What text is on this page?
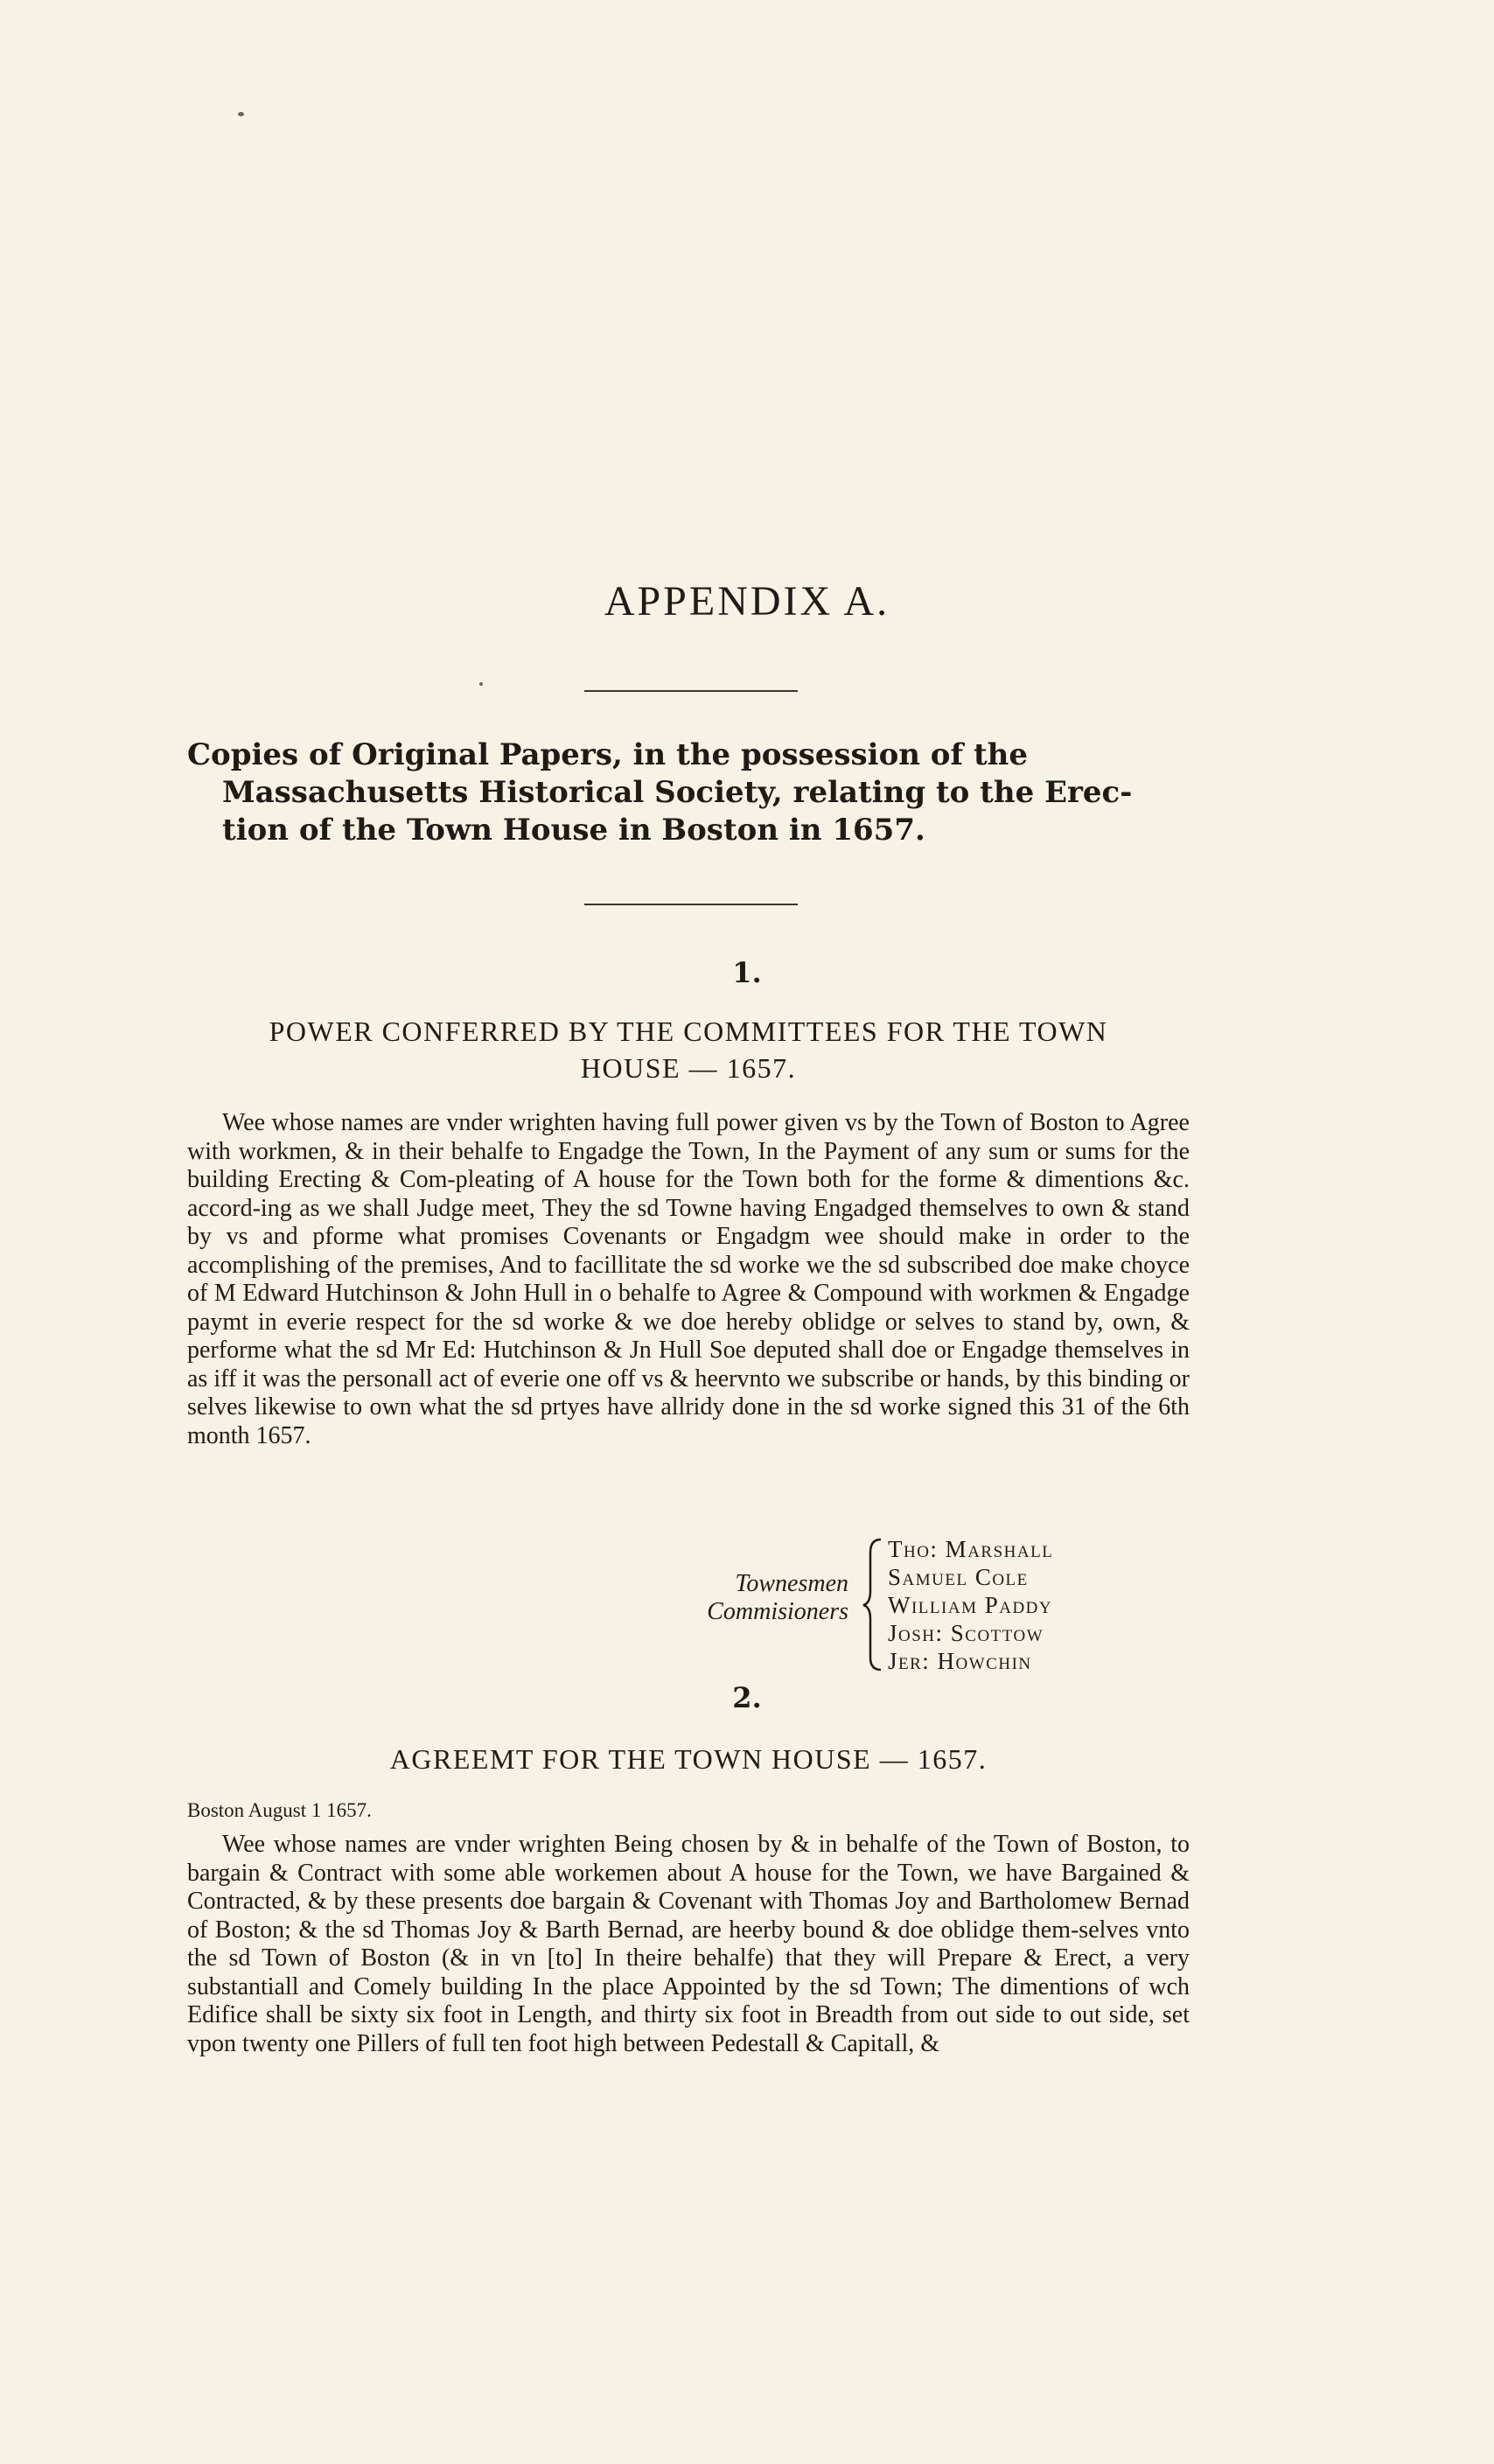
APPENDIX A.
Copies of Original Papers, in the possession of the
Massachusetts Historical Society, relating to the Erec-
tion of the Town House in Boston in 1657.
1.
POWER CONFERRED BY THE COMMITTEES FOR THE TOWN
HOUSE — 1657.
Wee whose names are vnder wrighten having full power given vs by the Town of Boston to Agree with workmen, & in their behalfe to Engadge the Town, In the Payment of any sum or sums for the building Erecting & Com-pleating of A house for the Town both for the forme & dimentions &c. accord-ing as we shall Judge meet, They the sd Towne having Engadged themselves to own & stand by vs and pforme what promises Covenants or Engadgm wee should make in order to the accomplishing of the premises, And to facillitate the sd worke we the sd subscribed doe make choyce of M Edward Hutchinson & John Hull in o behalfe to Agree & Compound with workmen & Engadge paymt in everie respect for the sd worke & we doe hereby oblidge or selves to stand by, own, & performe what the sd Mr Ed: Hutchinson & Jn Hull Soe deputed shall doe or Engadge themselves in as iff it was the personall act of everie one off vs & heervnto we subscribe or hands, by this binding or selves likewise to own what the sd prtyes have allridy done in the sd worke signed this 31 of the 6th month 1657.
Townesmen
Commisioners
Tho: Marshall
Samuel Cole
William Paddy
Josh: Scottow
Jer: Howchin
2.
AGREEMT FOR THE TOWN HOUSE — 1657.
Boston August 1 1657.
Wee whose names are vnder wrighten Being chosen by & in behalfe of the Town of Boston, to bargain & Contract with some able workemen about A house for the Town, we have Bargained & Contracted, & by these presents doe bargain & Covenant with Thomas Joy and Bartholomew Bernad of Boston; & the sd Thomas Joy & Barth Bernad, are heerby bound & doe oblidge them-selves vnto the sd Town of Boston (& in vn [to] In theire behalfe) that they will Prepare & Erect, a very substantiall and Comely building In the place Appointed by the sd Town; The dimentions of wch Edifice shall be sixty six foot in Length, and thirty six foot in Breadth from out side to out side, set vpon twenty one Pillers of full ten foot high between Pedestall & Capitall, &
